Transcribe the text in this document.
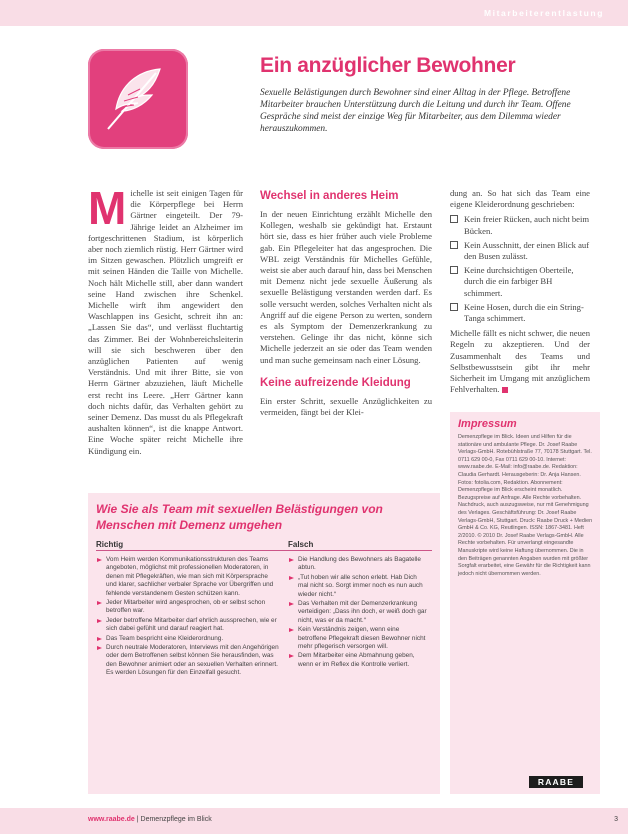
Mitarbeiterentlastung
Ein anzüglicher Bewohner
Sexuelle Belästigungen durch Bewohner sind einer Alltag in der Pflege. Betroffene Mitarbeiter brauchen Unterstützung durch die Leitung und durch ihr Team. Offene Gespräche sind meist der einzige Weg für Mitarbeiter, aus dem Dilemma wieder herauszukommen.
M ichelle ist seit einigen Tagen für die Körperpflege bei Herrn Gärtner eingeteilt. Der 79-Jährige leidet an Alzheimer im fortgeschrittenen Stadium, ist körperlich aber noch ziemlich rüstig. Herr Gärtner wird im Sitzen gewaschen. Plötzlich umgreift er mit seinen Händen die Taille von Michelle. Noch hält Michelle still, aber dann wandert seine Hand zwischen ihre Schenkel. Michelle wirft ihm angewidert den Waschlappen ins Gesicht, schreit ihn an: „Lassen Sie das“, und verlässt fluchtartig das Zimmer. Bei der Wohnbereichsleiterin will sie sich beschweren über den anzüglichen Patienten auf wenig Verständnis. Und mit ihrer Bitte, sie von Herrn Gärtner abzuziehen, läuft Michelle erst recht ins Leere. „Herr Gärtner kann doch nichts dafür, das Verhalten gehört zu seiner Demenz. Das musst du als Pflegekraft aushalten können“, ist die knappe Antwort. Eine Woche später reicht Michelle ihre Kündigung ein.

Wechsel in anderes Heim

In der neuen Einrichtung erzählt Michelle den Kollegen, weshalb sie gekündigt hat. Erstaunt hört sie, dass es hier früher auch viele Probleme gab. Ein Pflegeleiter hat das angesprochen. Die WBL zeigt Verständnis für Michelles Gefühle, weist sie aber auch darauf hin, dass bei Menschen mit Demenz nicht jede sexuelle Äußerung als sexuelle Belästigung verstanden werden darf. Es solle versucht werden, solches Verhalten nicht als Angriff auf die eigene Person zu werten, sondern es als Symptom der Demenzerkrankung zu verstehen. Gelinge ihr das nicht, könne sich Michelle jederzeit an sie oder das Team wenden und man suche gemeinsam nach einer Lösung.

Keine aufreizende Kleidung

Ein erster Schritt, sexuelle Anzüglichkeiten zu vermeiden, fängt bei der Klei-

dung an. So hat sich das Team eine eigene Kleiderordnung geschrieben:

Kein freier Rücken, auch nicht beim Bücken.
Kein Ausschnitt, der einen Blick auf den Busen zulässt.
Keine durchsichtigen Oberteile, durch die ein farbiger BH schimmert.
Keine Hosen, durch die ein String-Tanga schimmert.

Michelle fällt es nicht schwer, die neuen Regeln zu akzeptieren. Und der Zusammenhalt des Teams und Selbstbewusstsein gibt ihr mehr Sicherheit im Umgang mit anzüglichem Fehlverhalten.

Impressum
Demenzpflege im Blick. Ideen und Hilfen für die stationäre und ambulante Pflege. Dr. Josef Raabe Verlags-GmbH. Rotebühlstraße 77, 70178 Stuttgart. Tel. 0711 629 00-0, Fax 0711 629 00-10. Internet: www.raabe.de. E-Mail: info@raabe.de. Redaktion: Claudia Gerhardt. Herausgeberin: Dr. Anja Hansen. Fotos: fotolia.com, Redaktion. Abonnement: Demenzpflege im Blick erscheint monatlich. Bezugspreise auf Anfrage. Alle Rechte vorbehalten. Nachdruck, auch auszugsweise, nur mit Genehmigung des Verlages. Geschäftsführung: Dr. Josef Raabe Verlags-GmbH, Stuttgart. Druck: Raabe Druck + Medien GmbH & Co. KG, Reutlingen. ISSN: 1867-3481. Heft 2/2010. © 2010 Dr. Josef Raabe Verlags-GmbH. Alle Rechte vorbehalten. Für unverlangt eingesandte Manuskripte wird keine Haftung übernommen. Die in den Beiträgen genannten Angaben wurden mit größter Sorgfalt erarbeitet, eine Gewähr für die Richtigkeit kann jedoch nicht übernommen werden.
RAABE
Wie Sie als Team mit sexuellen Belästigungen von Menschen mit Demenz umgehen
Richtig	Falsch
Vom Heim werden Kommunikationsstrukturen des Teams angeboten, möglichst mit professionellen Moderatoren, in denen mit Pflegekräften, wie man sich mit Körpersprache und klarer, sachlicher verbaler Sprache vor Übergriffen und fehlende verstandenem Gesten schützen kann.
Jeder Mitarbeiter wird angesprochen, ob er selbst schon betroffen war.
Jeder betroffene Mitarbeiter darf ehrlich aussprechen, wie er sich dabei gefühlt und darauf reagiert hat.
Das Team bespricht eine Kleiderordnung.
Durch neutrale Moderatoren, Interviews mit den Angehörigen oder dem Betroffenen selbst können Sie herausfinden, was den Bewohner animiert oder an sexuellen Verhalten erinnert. Es werden Lösungen für den Einzelfall gesucht.
Die Handlung des Bewohners als Bagatelle abtun.
„Tut hoben wir alle schon erlebt. Hab Dich mal nicht so. Sorgt immer noch es nun auch wieder nicht.“
Das Verhalten mit der Demenzerkrankung verteidigen: „Dass ihn doch, er weiß doch gar nicht, was er da macht.“
Kein Verständnis zeigen, wenn eine betroffene Pflegekraft diesen Bewohner nicht mehr pflegerisch versorgen will.
Dem Mitarbeiter eine Abmahnung geben, wenn er im Reflex die Kontrolle verliert.
www.raabe.de | Demenzpflege im Blick	3
